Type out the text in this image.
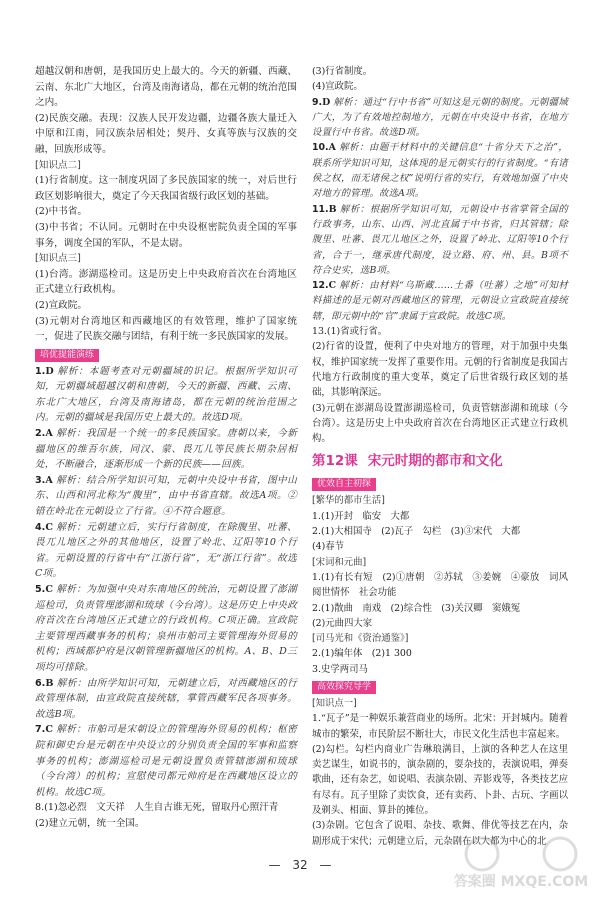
超越汉朝和唐朝，是我国历史上最大的。今天的新疆、西藏、云南、东北广大地区，台湾及南海诸岛，都在元朝的统治范围之内。

(2)民族交融。表现：汉族人民开发边疆，边疆各族大量迁入中原和江南，同汉族杂居相处；契丹、女真等族与汉族的交融，回族形成等。

[知识点二]

(1)行省制度。这一制度巩固了多民族国家的统一，对后世行政区划影响很大，奠定了今天我国省级行政区划的基础。

(2)中书省。

(3)中书省；不认同。元朝时在中央设枢密院负责全国的军事事务，调度全国的军队，不是太尉。

[知识点三]

(1)台湾。澎湖巡检司。这是历史上中央政府首次在台湾地区正式建立行政机构。

(2)宣政院。

(3)元朝对台湾地区和西藏地区的有效管理，维护了国家统一，促进了民族交融与团结，有利于统一多民族国家的发展。

培优提能演练

1.D 解析：本题考查对元朝疆域的识记。根据所学知识可知，元朝疆域超越汉朝和唐朝，今天的新疆、西藏、云南、东北广大地区，台湾及南海诸岛，都在元朝的统治范围之内。元朝的疆域是我国历史上最大的。故选D项。

2.A 解析：我国是一个统一的多民族国家。唐朝以来，今新疆地区的维吾尔族，同汉、蒙、畏兀儿等民族长期杂居相处，不断融合，逐渐形成一个新的民族——回族。

3.A 解析：结合所学知识可知，元朝中央设中书省，图中山东、山西和河北称为“腹里”，由中书省直辖。故选A项。②错在岭北在元朝设立了行省。④不符合题意。

4.C 解析：元朝建立后，实行行省制度，在除腹里、吐蕃、畏兀儿地区之外的其他地区，设置了岭北、辽阳等10个行省。元朝设置的行省中有“江浙行省”，无“浙江行省”。故选C项。

5.C 解析：为加强中央对东南地区的统治，元朝设置了澎湖巡检司，负责管理澎湖和琉球（今台湾）。这是历史上中央政府首次在台湾地区正式建立的行政机构。C项正确。宣政院主要管理西藏事务的机构；泉州市舶司主要管理海外贸易的机构；西域都护府是汉朝管理新疆地区的机构。A、B、D三项均可排除。

6.B 解析：由所学知识可知，元朝建立后，对西藏地区的行政管理体制，由宣政院直接统辖，掌管西藏军民各项事务。故选B项。

7.C 解析：市舶司是宋朝设立的管理海外贸易的机构；枢密院和御史台是元朝在中央设立的分别负责全国的军事和监察事务的机构；澎湖巡检司是元朝设置负责管辖澎湖和琉球（今台湾）的机构；宣慰使司都元帅府是在西藏地区设立的机构。故选C项。

8.(1)忽必烈　文天祥　人生自古谁无死，留取丹心照汗青

(2)建立元朝，统一全国。

(3)行省制度。

(4)宣政院。

9.D 解析：通过“行中书省”可知这是元朝的制度。元朝疆域广大，为了有效地控制地方，元朝在中央设中书省，在地方设置行中书省。故选D项。

10.A 解析：由题干材料中的关键信息“十省分天下之治”，联系所学知识可知，这体现的是元朝实行的行省制度。“有诸侯之权，而无诸侯之权”说明行省的实行，有效地加强了中央对地方的管理。故选A项。

11.B 解析：根据所学知识可知，元朝设中书省掌管全国的行政事务，山东、山西、河北直属于中书省，归其管辖；除腹里、吐蕃、畏兀儿地区之外，设置了岭北、辽阳等10个行省，合于一，继承唐代制度，设立路、府、州、县。B项不符合史实，选B项。

12.C 解析：由材料“乌斯藏……土番（吐蕃）之地”可知材料描述的是元朝对西藏地区的管理，元朝设立宣政院直接统辖，即元朝中的“官”隶属于宣政院。故选C项。

13.(1)省或行省。

(2)行省的设置，便利了中央对地方的管理，对于加强中央集权，维护国家统一发挥了重要作用。元朝的行省制度是我国古代地方行政制度的重大变革，奠定了后世省级行政区划的基础，其影响深远。

(3)元朝在澎湖岛设置澎湖巡检司，负责管辖澎湖和琉球（今台湾）。这是历史上中央政府首次在台湾地区正式建立行政机构。

第12课 宋元时期的都市和文化
优效自主初探

[繁华的都市生活]

1.(1)开封　临安　大都

2.(1)大相国寺　(2)瓦子　勾栏　(3)③宋代　大都

(4)春节

[宋词和元曲]

1.(1)有长有短　(2)①唐朝　②苏轼　③姜婉　④豪放　词风　阅世情怀　社会功能

2.(1)散曲　南戏　(2)综合性　(3)关汉卿　窦娥冤

(2)元曲四大家

[司马光和《资治通鉴》]

2.(1)编年体　(2)1 300

3.史学两司马

高效探究导学

[知识点一]

1.“瓦子”是一种娱乐兼营商业的场所。北宋：开封城内。随着城市的繁荣，市民阶层不断壮大，市民文化生活也丰富起来。

(2)勾栏。勾栏内商业广告琳琅满目，上演的各种艺人在这里卖艺谋生，如说书的，演杂剧的，耍杂技的，表演说唱，弹奏歌曲，还有杂艺，如说唱、表演杂剧、弄影戏等，各类技艺应有尽有。瓦子里除了卖饮食，还有卖药、卜卦、古玩、字画以及剃头、相面、算卦的摊位。

(3)杂剧。它包含了说唱、杂技、歌舞、俳优等技艺在内，杂剧形成于宋代；元朝建立后，元杂剧在以大都为中心的北

— 32 —
答案圈 MXQE.COM
